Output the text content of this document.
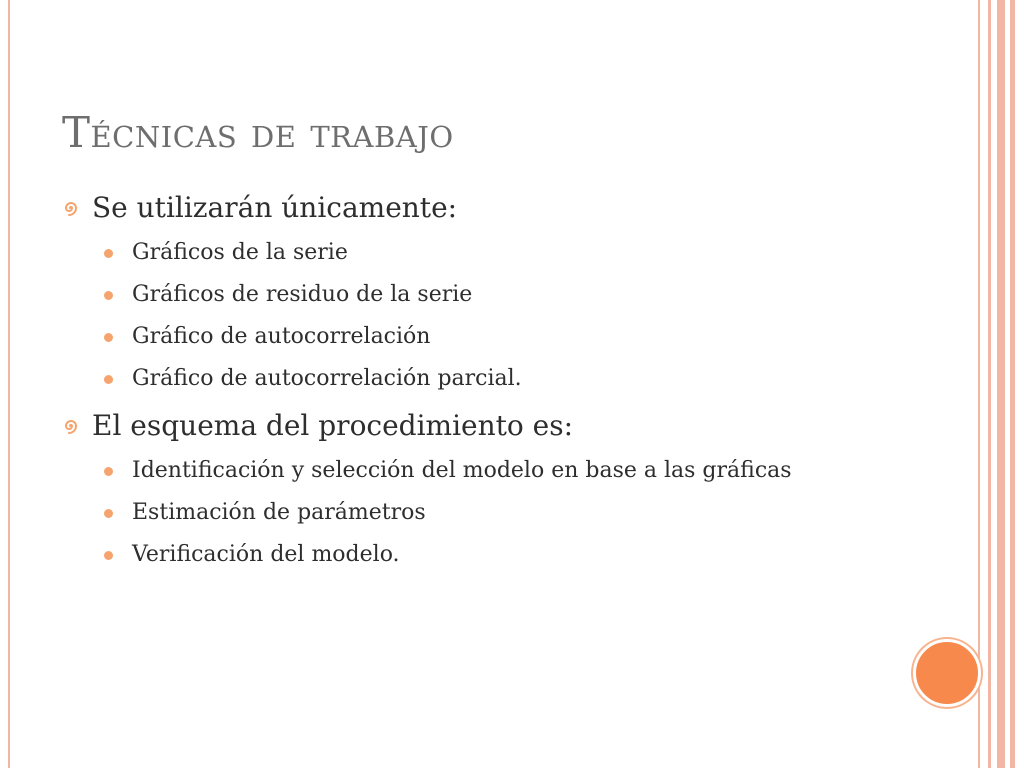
Técnicas de trabajo
Se utilizarán únicamente:
Gráficos de la serie
Gráficos de residuo de la serie
Gráfico de autocorrelación
Gráfico de autocorrelación parcial.
El esquema del procedimiento es:
Identificación y selección del modelo en base a las gráficas
Estimación de parámetros
Verificación del modelo.
